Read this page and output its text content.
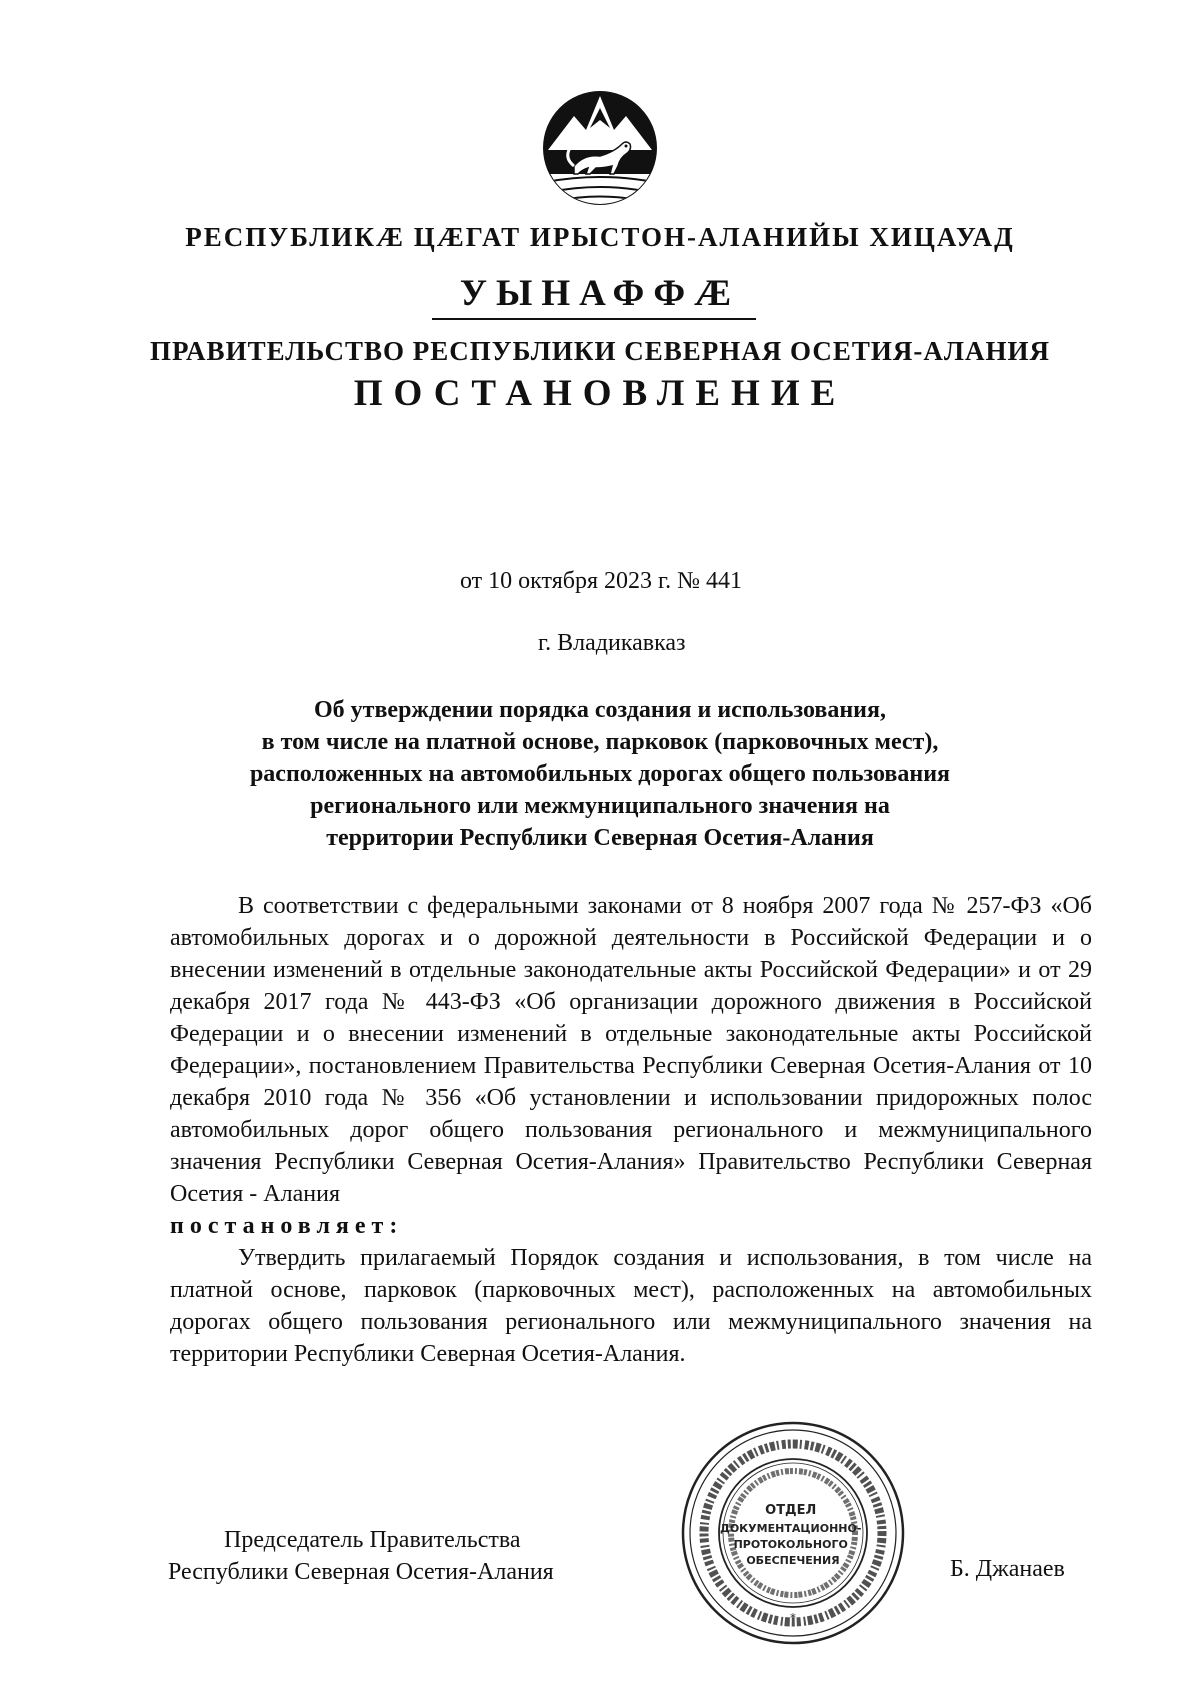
РЕСПУБЛИКӔ ЦӔГАТ ИРЫСТОН-АЛАНИЙЫ ХИЦАУАД
УЫНАФФӔ
ПРАВИТЕЛЬСТВО РЕСПУБЛИКИ СЕВЕРНАЯ ОСЕТИЯ-АЛАНИЯ
ПОСТАНОВЛЕНИЕ
от 10 октября 2023 г. № 441
г. Владикавказ
Об утверждении порядка создания и использования,
в том числе на платной основе, парковок (парковочных мест),
расположенных на автомобильных дорогах общего пользования
регионального или межмуниципального значения на
территории Республики Северная Осетия-Алания

В соответствии с федеральными законами от 8 ноября 2007 года № 257-ФЗ «Об автомобильных дорогах и о дорожной деятельности в Российской Федерации и о внесении изменений в отдельные законодательные акты Российской Федерации» и от 29 декабря 2017 года № 443-ФЗ «Об организации дорожного движения в Российской Федерации и о внесении изменений в отдельные законодательные акты Российской Федерации», постановлением Правительства Республики Северная Осетия-Алания от 10 декабря 2010 года № 356 «Об установлении и использовании придорожных полос автомобильных дорог общего пользования регионального и межмуниципального значения Республики Северная Осетия-Алания» Правительство Республики Северная Осетия - Алания

постановляет:

Утвердить прилагаемый Порядок создания и использования, в том числе на платной основе, парковок (парковочных мест), расположенных на автомобильных дорогах общего пользования регионального или межмуниципального значения на территории Республики Северная Осетия-Алания.

Председатель Правительства
Республики Северная Осетия-Алания
ОТДЕЛ ДОКУМЕНТАЦИОННО- ПРОТОКОЛЬНОГО ОБЕСПЕЧЕНИЯ
*
Б. Джанаев
